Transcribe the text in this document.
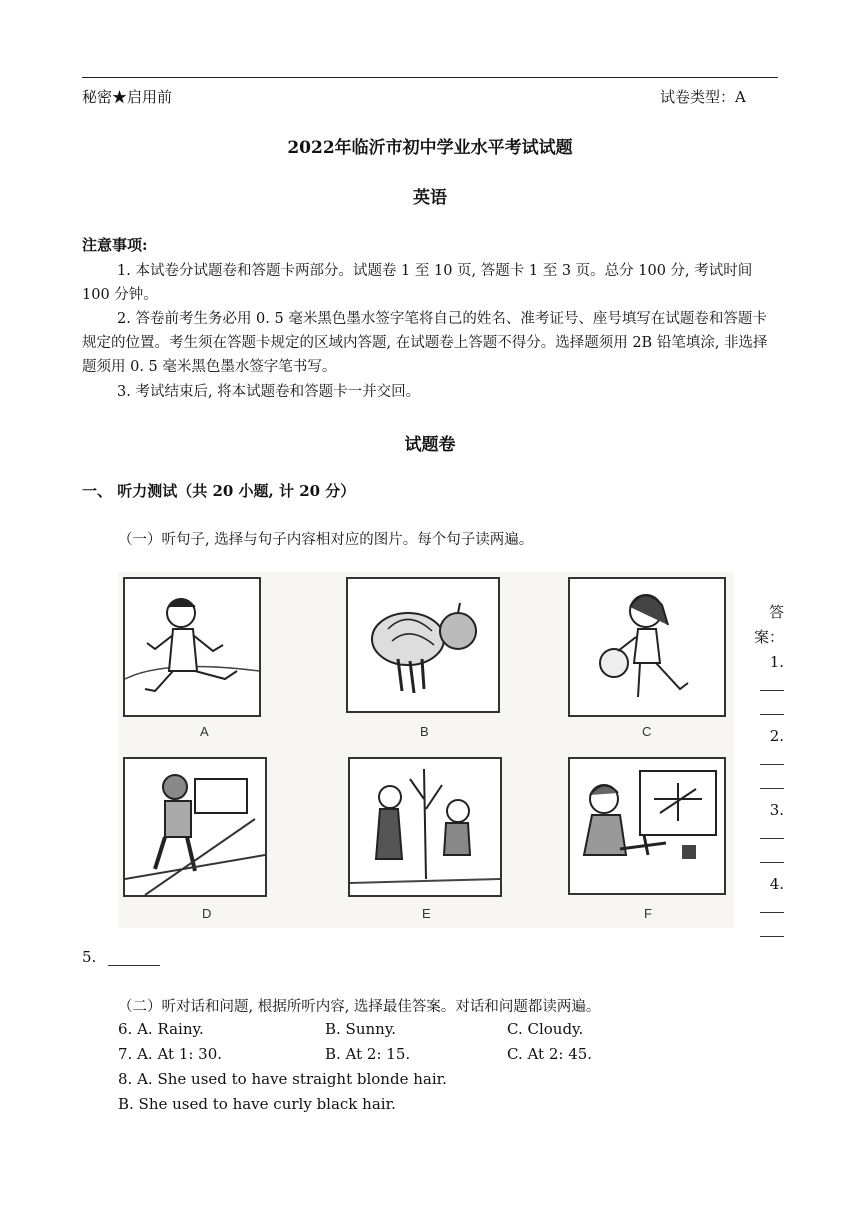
秘密★启用前	试卷类型：A
2022年临沂市初中学业水平考试试题
英语
注意事项:
1. 本试卷分试题卷和答题卡两部分。试题卷 1 至 10 页, 答题卡 1 至 3 页。总分 100 分, 考试时间 100 分钟。
2. 答卷前考生务必用 0. 5 毫米黑色墨水签字笔将自己的姓名、准考证号、座号填写在试题卷和答题卡规定的位置。考生须在答题卡规定的区域内答题, 在试题卷上答题不得分。选择题须用 2B 铅笔填涂, 非选择题须用 0. 5 毫米黑色墨水签字笔书写。
3. 考试结束后, 将本试题卷和答题卡一并交回。
试题卷
一、 听力测试（共 20 小题, 计 20 分）
（一）听句子, 选择与句子内容相对应的图片。每个句子读两遍。
A	B	C
D	E	F
答
案：
1.
2.
3.
4.
5.
（二）听对话和问题, 根据所听内容, 选择最佳答案。对话和问题都读两遍。
6. A. Rainy.	B. Sunny.	C. Cloudy.
7. A. At 1: 30.	B. At 2: 15.	C. At 2: 45.
8. A. She used to have straight blonde hair.
B. She used to have curly black hair.
